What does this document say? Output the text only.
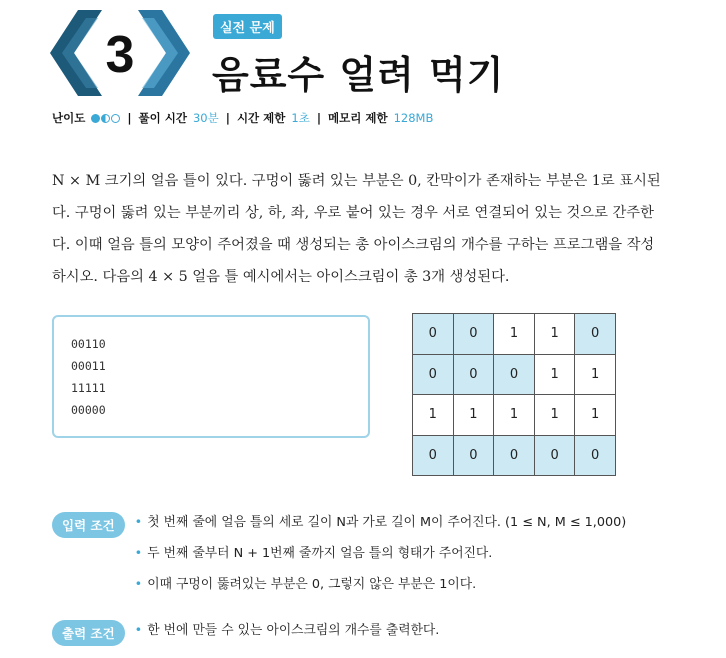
3	실전 문제
음료수 얼려 먹기
난이도	| 풀이 시간 30분 | 시간 제한 1초 | 메모리 제한 128MB
N × M 크기의 얼음 틀이 있다. 구멍이 뚫려 있는 부분은 0, 칸막이가 존재하는 부분은 1로 표시된
다. 구멍이 뚫려 있는 부분끼리 상, 하, 좌, 우로 붙어 있는 경우 서로 연결되어 있는 것으로 간주한
다. 이때 얼음 틀의 모양이 주어졌을 때 생성되는 총 아이스크림의 개수를 구하는 프로그램을 작성
하시오. 다음의 4 × 5 얼음 틀 예시에서는 아이스크림이 총 3개 생성된다.
00110
00011
11111
00000
0	0	1	1	0
0	0	0	1	1
1	1	1	1	1
0	0	0	0	0
입력 조건	• 첫 번째 줄에 얼음 틀의 세로 길이 N과 가로 길이 M이 주어진다. (1 ≤ N, M ≤ 1,000)
• 두 번째 줄부터 N + 1번째 줄까지 얼음 틀의 형태가 주어진다.
• 이때 구멍이 뚫려있는 부분은 0, 그렇지 않은 부분은 1이다.
출력 조건	• 한 번에 만들 수 있는 아이스크림의 개수를 출력한다.
